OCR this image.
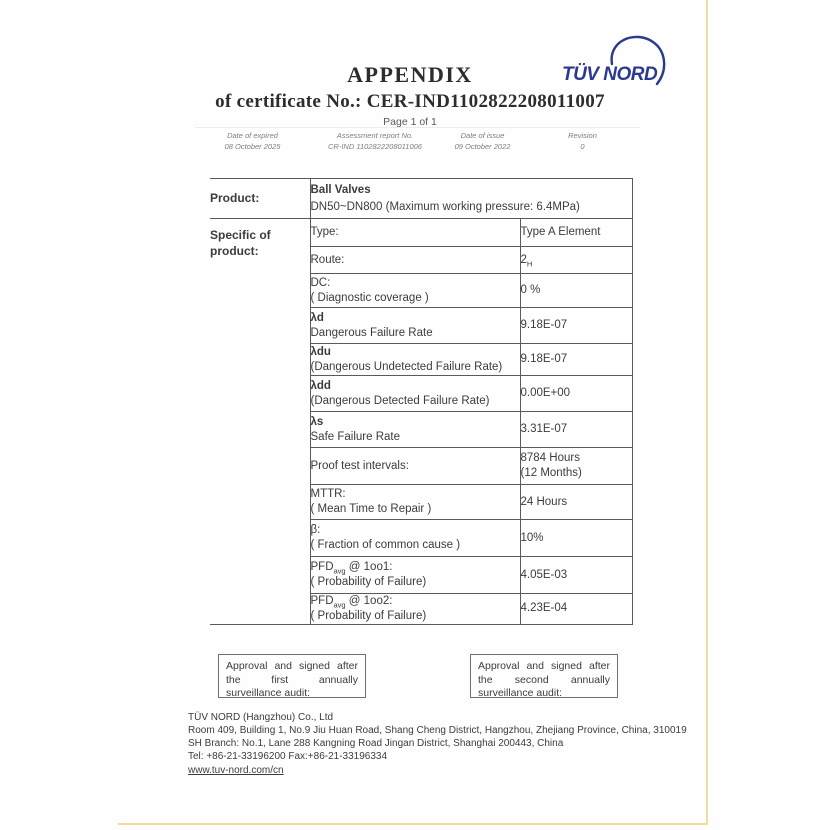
TÜV NORD
APPENDIX
of certificate No.: CER-IND1102822208011007
Page 1 of 1
Date of expired
08 October 2025
Assessment report No.
CR-IND 1102822208011006
Date of issue
09 October 2022
Revision
0
Product:	Ball Valves
DN50~DN800 (Maximum working pressure: 6.4MPa)	

Specific of
product:	Type:	Type A Element

	Route:	$2_H$

	DC:
( Diagnostic coverage )	0 %

	λd
Dangerous Failure Rate	9.18E-07

	λdu
(Dangerous Undetected Failure Rate)	9.18E-07

	λdd
(Dangerous Detected Failure Rate)	0.00E+00

	λs
Safe Failure Rate	3.31E-07

	Proof test intervals:	8784 Hours
(12 Months)

	MTTR:
( Mean Time to Repair )	24 Hours

	β:
( Fraction of common cause )	10%

	$PFD_{avg}$ @ 1oo1:
( Probability of Failure)	4.05E-03

	$PFD_{avg}$ @ 1oo2:
( Probability of Failure)	4.23E-04
Approval and signed after the first annually surveillance audit:
Approval and signed after the second annually surveillance audit:
TÜV NORD (Hangzhou) Co., Ltd
Room 409, Building 1, No.9 Jiu Huan Road, Shang Cheng District, Hangzhou, Zhejiang Province, China, 310019
SH Branch: No.1, Lane 288 Kangning Road Jingan District, Shanghai 200443, China
Tel: +86-21-33196200 Fax:+86-21-33196334
www.tuv-nord.com/cn
